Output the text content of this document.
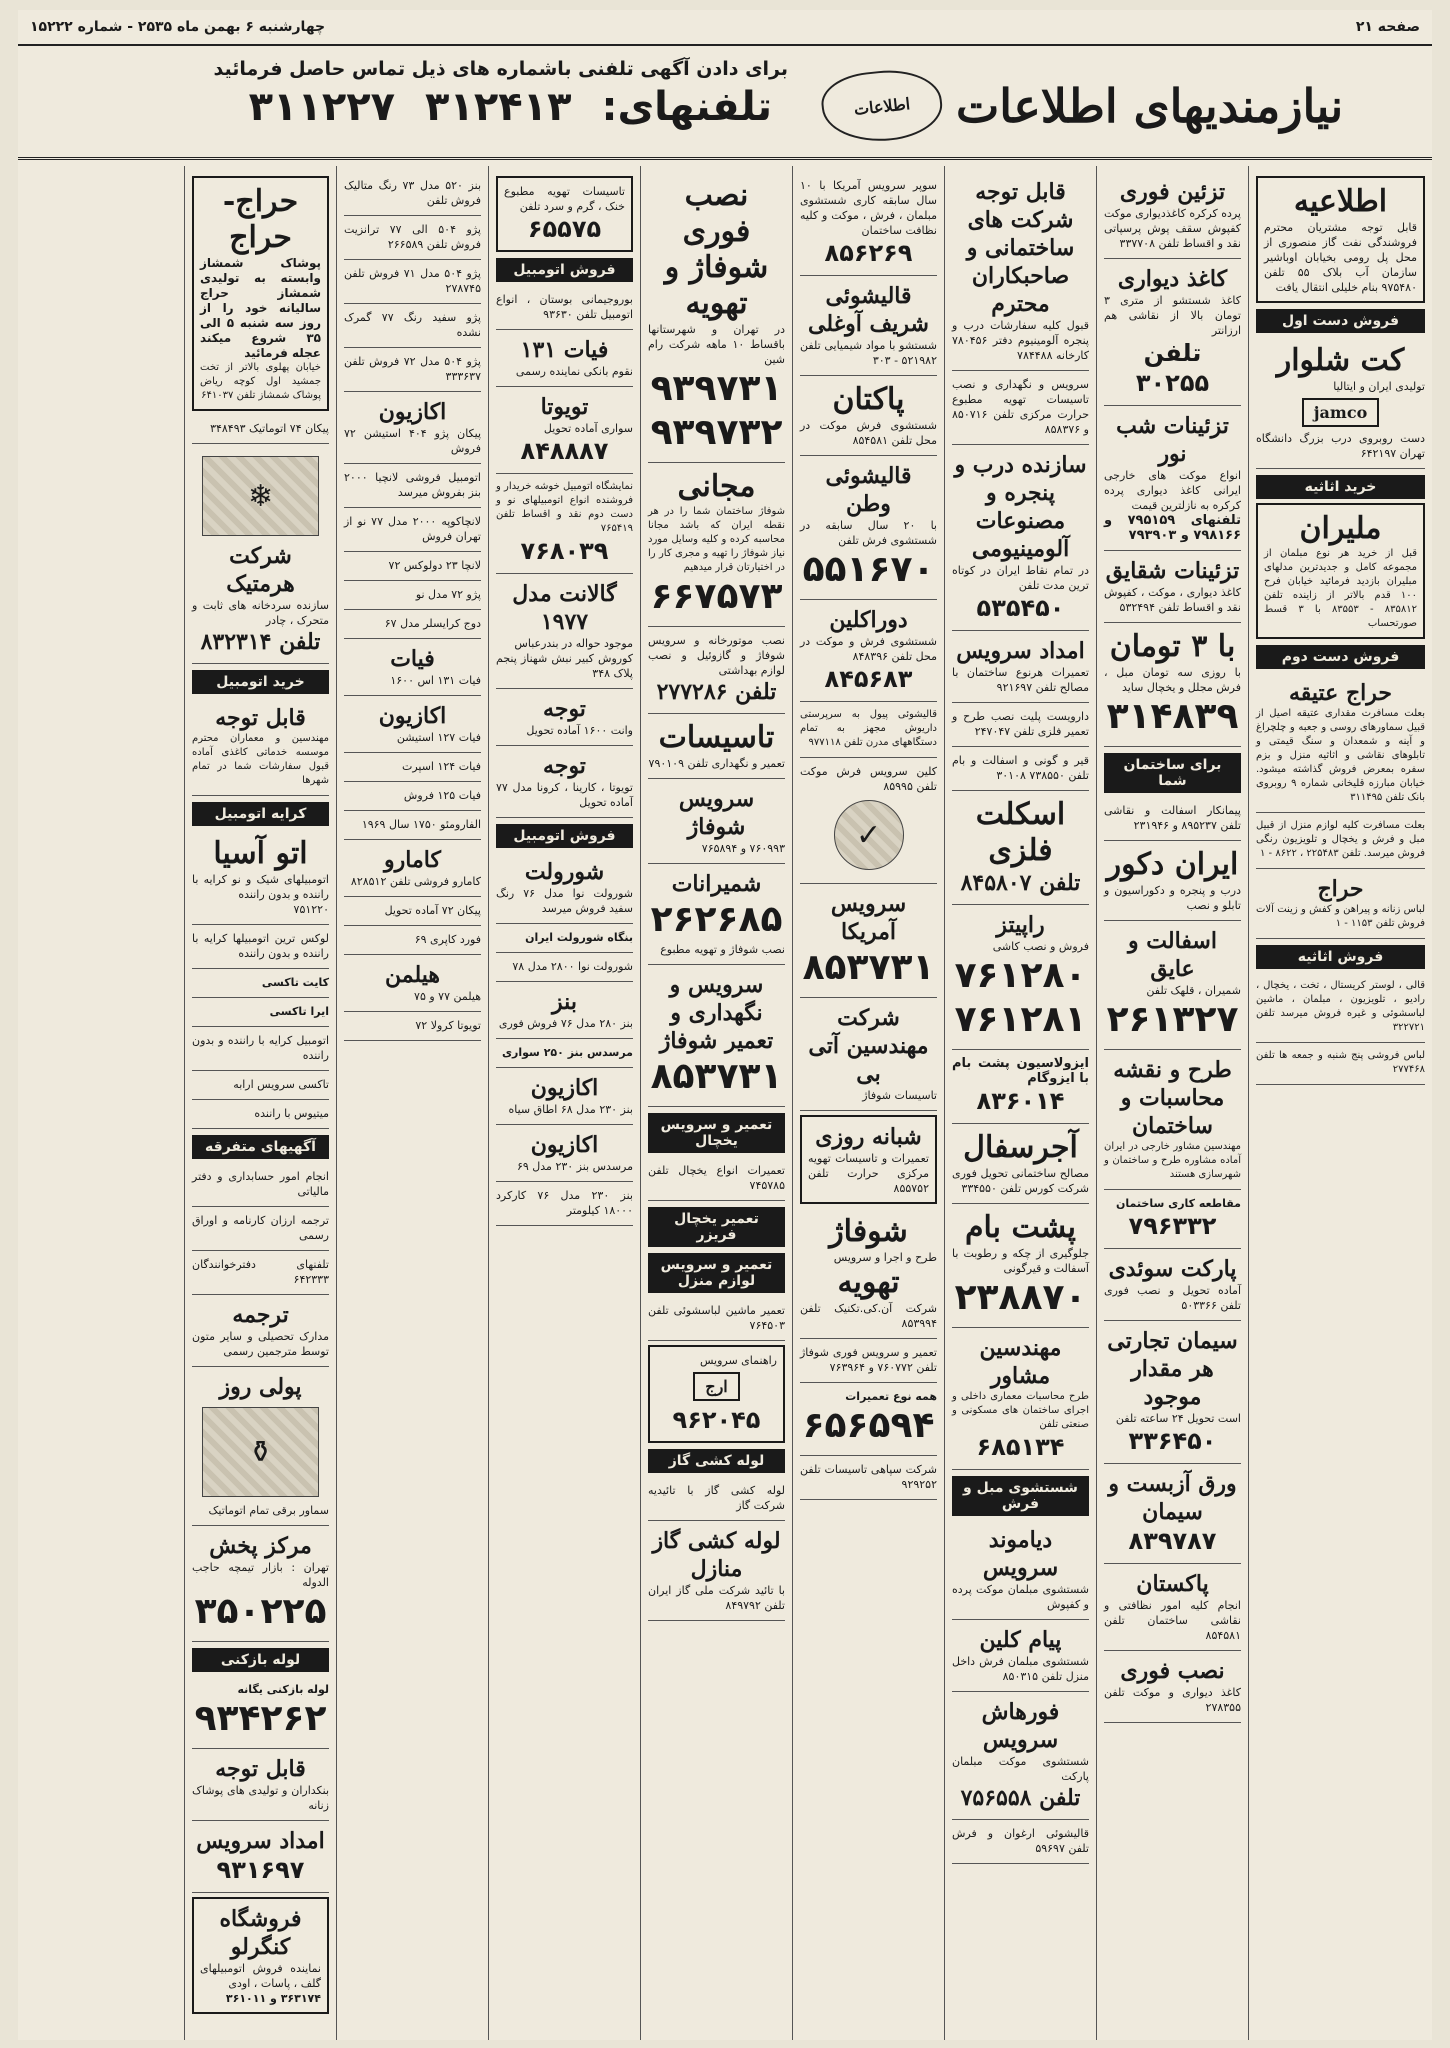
صفحه ۲۱
چهارشنبه ۶ بهمن ماه ۲۵۳۵ - شماره ۱۵۲۲۲
نیازمندیهای اطلاعات
اطلاعات
برای دادن آگهی تلفنی باشماره های ذیل تماس حاصل فرمائید
تلفنهای: ۳۱۲۴۱۳ ۳۱۱۲۲۷
اطلاعیه
قابل توجه مشتریان محترم فروشندگی نفت گاز منصوری از محل پل رومی بخیابان اوباشیر سازمان آب بلاک ۵۵ تلفن ۹۷۵۴۸۰ بنام خلیلی انتقال یافت
فروش دست اول
کت شلوار
تولیدی ایران و ایتالیا
jamco
دست روبروی درب بزرگ دانشگاه تهران ۶۴۲۱۹۷
خرید اثاثیه
ملیران
قبل از خرید هر نوع مبلمان از مجموعه کامل و جدیدترین مدلهای مبلیران بازدید فرمائید خیابان فرح ۱۰۰ قدم بالاتر از زاینده تلفن ۸۳۵۸۱۲ - ۸۳۵۵۳ با ۳ قسط صورتحساب
فروش دست دوم
حراج عتیقه
بعلت مسافرت مقداری عتیقه اصیل از قبیل سماورهای روسی و جعبه و چلچراغ و آینه و شمعدان و سنگ قیمتی و تابلوهای نقاشی و اثاثیه منزل و بزم سفره بمعرض فروش گذاشته میشود. خیابان مبارزه قلیخانی شماره ۹ روبروی بانک تلفن ۳۱۱۴۹۵
بعلت مسافرت کلیه لوازم منزل از قبیل مبل و فرش و یخچال و تلویزیون رنگی فروش میرسد. تلفن ۲۲۵۴۸۳ ، ۸۶۲۲ - ۱
حراج
لباس زنانه و پیراهن و کفش و زینت آلات فروش تلفن ۱۱۵۳ - ۱
فروش اثاثیه
قالی ، لوستر کریستال ، تخت ، یخچال ، رادیو ، تلویزیون ، مبلمان ، ماشین لباسشوئی و غیره فروش میرسد تلفن ۳۲۲۷۲۱
لباس فروشی پنج شنبه و جمعه ها تلفن ۲۷۷۴۶۸
تزئین فوری
پرده کرکره کاغذدیواری موکت کفپوش سقف پوش پرسپاتی نقد و اقساط تلفن ۳۳۷۷۰۸
کاغذ دیواری
کاغذ شستشو از متری ۳ تومان بالا از نقاشی هم ارزانتر
تلفن ۳۰۲۵۵
تزئینات شب نور
انواع موکت های خارجی ایرانی کاغذ دیواری پرده کرکره به نازلترین قیمت
تلفنهای ۷۹۵۱۵۹ و ۷۹۸۱۶۶ و ۷۹۳۹۰۳
تزئینات شقایق
کاغذ دیواری ، موکت ، کفپوش نقد و اقساط تلفن ۵۳۲۴۹۴
با ۳ تومان
با روزی سه تومان مبل ، فرش مجلل و یخچال ساید
۳۱۴۸۳۹
برای ساختمان شما
پیمانکار اسفالت و نقاشی تلفن ۸۹۵۲۳۷ و ۲۳۱۹۴۶
ایران دکور
درب و پنجره و دکوراسیون و تابلو و نصب
اسفالت و عایق
شمیران ، قلهک تلفن
۲۶۱۳۲۷
طرح و نقشه محاسبات و ساختمان
مهندسین مشاور خارجی در ایران آماده مشاوره طرح و ساختمان و شهرسازی هستند
مقاطعه کاری ساختمان
۷۹۶۳۳۲
پارکت سوئدی
آماده تحویل و نصب فوری تلفن ۵۰۳۳۶۶
سیمان تجارتی هر مقدار موجود
است تحویل ۲۴ ساعته تلفن
۳۳۶۴۵۰
ورق آزبست و سیمان
۸۳۹۷۸۷
پاکستان
انجام کلیه امور نظافتی و نقاشی ساختمان تلفن ۸۵۴۵۸۱
نصب فوری
کاغذ دیواری و موکت تلفن ۲۷۸۳۵۵
قابل توجه شرکت های ساختمانی و صاحبکاران محترم
قبول کلیه سفارشات درب و پنجره آلومینیوم دفتر ۷۸۰۴۵۶ کارخانه ۷۸۴۴۸۸
سرویس و نگهداری و نصب تاسیسات تهویه مطبوع حرارت مرکزی تلفن ۸۵۰۷۱۶ و ۸۵۸۳۷۶
سازنده درب و پنجره و مصنوعات آلومینیومی
در تمام نقاط ایران در کوتاه ترین مدت تلفن
۵۳۵۴۵۰
امداد سرویس
تعمیرات هرنوع ساختمان با مصالح تلفن ۹۲۱۶۹۷
دارویست پلیت نصب طرح و تعمیر فلزی تلفن ۲۴۷۰۴۷
قیر و گونی و اسفالت و بام تلفن ۷۳۸۵۵۰ ۳۰۱۰۸
اسکلت فلزی
تلفن ۸۴۵۸۰۷
راپیتز
فروش و نصب کاشی
۷۶۱۲۸۰ ۷۶۱۲۸۱
ایزولاسیون پشت بام با ایزوگام
۸۳۶۰۱۴
آجرسفال
مصالح ساختمانی تحویل فوری شرکت کورس تلفن ۳۳۴۵۵۰
پشت بام
جلوگیری از چکه و رطوبت با آسفالت و قیرگونی
۲۳۸۸۷۰
مهندسین مشاور
طرح محاسبات معماری داخلی و اجرای ساختمان های مسکونی و صنعتی تلفن
۶۸۵۱۳۴
شستشوی مبل و فرش
دیاموند سرویس
شستشوی مبلمان موکت پرده و کفپوش
پیام کلین
شستشوی مبلمان فرش داخل منزل تلفن ۸۵۰۳۱۵
فورهاش سرویس
شستشوی موکت مبلمان پارکت
تلفن ۷۵۶۵۵۸
قالیشوئی ارغوان و فرش تلفن ۵۹۶۹۷
سوپر سرویس آمریکا با ۱۰ سال سابقه کاری شستشوی مبلمان ، فرش ، موکت و کلیه نظافت ساختمان
۸۵۶۲۶۹
قالیشوئی شریف آوغلی
شستشو با مواد شیمیایی تلفن ۵۲۱۹۸۲ - ۳۰۳
پاکتان
شستشوی فرش موکت در محل تلفن ۸۵۴۵۸۱
قالیشوئی وطن
با ۲۰ سال سابقه در شستشوی فرش تلفن
۵۵۱۶۷۰
دوراکلین
شستشوی فرش و موکت در محل تلفن ۸۴۸۳۹۶
۸۴۵۶۸۳
قالیشوئی پیول به سرپرستی داریوش مجهز به تمام دستگاههای مدرن تلفن ۹۷۷۱۱۸
کلین سرویس فرش موکت تلفن ۸۵۹۹۵
✓
سرویس آمریکا
۸۵۳۷۳۱
شرکت مهندسین آتی بی
تاسیسات شوفاژ
شبانه روزی
تعمیرات و تاسیسات تهویه مرکزی حرارت تلفن ۸۵۵۷۵۲
شوفاژ
طرح و اجرا و سرویس
تهویه
شرکت آن.کی.تکنیک تلفن ۸۵۳۹۹۴
تعمیر و سرویس فوری شوفاژ تلفن ۷۶۰۷۷۲ و ۷۶۳۹۶۴
همه نوع تعمیرات
۶۵۶۵۹۴
شرکت سپاهی تاسیسات تلفن ۹۲۹۲۵۲
نصب فوری شوفاژ و تهویه
در تهران و شهرستانها باقساط ۱۰ ماهه شرکت رام شین
۹۳۹۷۳۱
۹۳۹۷۳۲
مجانی
شوفاژ ساختمان شما را در هر نقطه ایران که باشد مجانا محاسبه کرده و کلیه وسایل مورد نیاز شوفاژ را تهیه و مجری کار را در اختیارتان قرار میدهیم
۶۶۷۵۷۳
نصب موتورخانه و سرویس شوفاژ و گازوئیل و نصب لوازم بهداشتی
تلفن ۲۷۷۲۸۶
تاسیسات
تعمیر و نگهداری تلفن ۷۹۰۱۰۹
سرویس شوفاژ
۷۶۰۹۹۳ و ۷۶۵۸۹۴
شمیرانات
۲۶۲۶۸۵
نصب شوفاژ و تهویه مطبوع
سرویس و نگهداری و تعمیر شوفاژ
۸۵۳۷۳۱
تعمیر و سرویس یخچال
تعمیرات انواع یخچال تلفن ۷۴۵۷۸۵
تعمیر یخچال فریزر
تعمیر و سرویس لوازم منزل
تعمیر ماشین لباسشوئی تلفن ۷۶۴۵۰۳
راهنمای سرویس
ارج
۹۶۲۰۴۵
لوله کشی گاز
لوله کشی گاز با تائیدیه شرکت گاز
لوله کشی گاز منازل
با تائید شرکت ملی گاز ایران تلفن ۸۴۹۷۹۲
تاسیسات تهویه مطبوع خنک ، گرم و سرد تلفن
۶۵۵۷۵
فروش اتومبیل
بوروجیمانی بوستان ، انواع اتومبیل تلفن ۹۳۶۳۰
فیات ۱۳۱
نقوم بانکی نماینده رسمی
تویوتا
سواری آماده تحویل
۸۴۸۸۸۷
نمایشگاه اتومبیل خوشه خریدار و فروشنده انواع اتومبیلهای نو و دست دوم نقد و اقساط تلفن ۷۶۵۴۱۹
۷۶۸۰۳۹
گالانت مدل ۱۹۷۷
موجود حواله در بندرعباس
کوروش کبیر نبش شهناز پنجم پلاک ۳۴۸
توجه
وانت ۱۶۰۰ آماده تحویل
توجه
تویوتا ، کارینا ، کرونا مدل ۷۷ آماده تحویل
فروش اتومبیل
شورولت
شورولت نوا مدل ۷۶ رنگ سفید فروش میرسد
بنگاه شورولت ایران
شورولت نوا ۲۸۰۰ مدل ۷۸
بنز
بنز ۲۸۰ مدل ۷۶ فروش فوری
مرسدس بنز ۲۵۰ سواری
اکازیون
بنز ۲۳۰ مدل ۶۸ اطاق سیاه
اکازیون
مرسدس بنز ۲۳۰ مدل ۶۹
بنز ۲۳۰ مدل ۷۶ کارکرد ۱۸۰۰۰ کیلومتر
بنز ۵۲۰ مدل ۷۳ رنگ متالیک فروش تلفن
پژو ۵۰۴ الی ۷۷ ترانزیت فروش تلفن ۲۶۶۵۸۹
پژو ۵۰۴ مدل ۷۱ فروش تلفن ۲۷۸۷۴۵
پژو سفید رنگ ۷۷ گمرک نشده
پژو ۵۰۴ مدل ۷۲ فروش تلفن ۳۳۳۶۳۷
اکازیون
پیکان پژو ۴۰۴ استیشن ۷۲ فروش
اتومبیل فروشی لانچیا ۲۰۰۰ بنز بفروش میرسد
لانچاکوپه ۲۰۰۰ مدل ۷۷ نو از تهران فروش
لانچا ۲۳ دولوکس ۷۲
پژو ۷۲ مدل نو
دوج کرایسلر مدل ۶۷
فیات
فیات ۱۳۱ اس ۱۶۰۰
اکازیون
فیات ۱۲۷ استیشن
فیات ۱۲۴ اسپرت
فیات ۱۲۵ فروش
الفارومئو ۱۷۵۰ سال ۱۹۶۹
کامارو
کامارو فروشی تلفن ۸۲۸۵۱۲
پیکان ۷۲ آماده تحویل
فورد کاپری ۶۹
هیلمن
هیلمن ۷۷ و ۷۵
تویوتا کرولا ۷۲
حراج-حراج
پوشاک شمشاز وابسته به تولیدی شمشاز حراج سالیانه خود را از روز سه شنبه ۵ الی ۳۵ شروع میکند عجله فرمائید
خیابان پهلوی بالاتر از تخت جمشید اول کوچه ریاض پوشاک شمشاز تلفن ۶۴۱۰۳۷
پیکان ۷۴ اتوماتیک ۳۴۸۴۹۳
❄
شرکت هرمتیک
سازنده سردخانه های ثابت و متحرک ، چادر
تلفن ۸۳۲۳۱۴
خرید اتومبیل
قابل توجه
مهندسین و معماران محترم موسسه خدماتی کاغذی آماده قبول سفارشات شما در تمام شهرها
کرایه اتومبیل
اتو آسیا
اتومبیلهای شیک و نو کرایه با راننده و بدون راننده
۷۵۱۲۲۰
لوکس ترین اتومبیلها کرایه با راننده و بدون راننده
کایت تاکسی
ایرا تاکسی
اتومبیل کرایه با راننده و بدون راننده
تاکسی سرویس ارابه
میتیوس با راننده
آگهیهای متفرقه
انجام امور حسابداری و دفتر مالیاتی
ترجمه ارزان کارنامه و اوراق رسمی
تلفنهای دفترخوانندگان ۶۴۲۳۳۳
ترجمه
مدارک تحصیلی و سایر متون توسط مترجمین رسمی
پولی روز
⚱
سماور برقی تمام اتوماتیک
مرکز پخش
تهران : بازار تیمچه حاجب الدوله
۳۵۰۲۲۵
لوله بازکنی
لوله بازکنی یگانه
۹۳۴۲۶۲
قابل توجه
بنکداران و تولیدی های پوشاک زنانه
امداد سرویس
۹۳۱۶۹۷
فروشگاه کنگرلو
نماینده فروش اتومبیلهای گلف ، پاسات ، اودی
۳۶۳۱۷۴ و ۳۶۱۰۱۱
